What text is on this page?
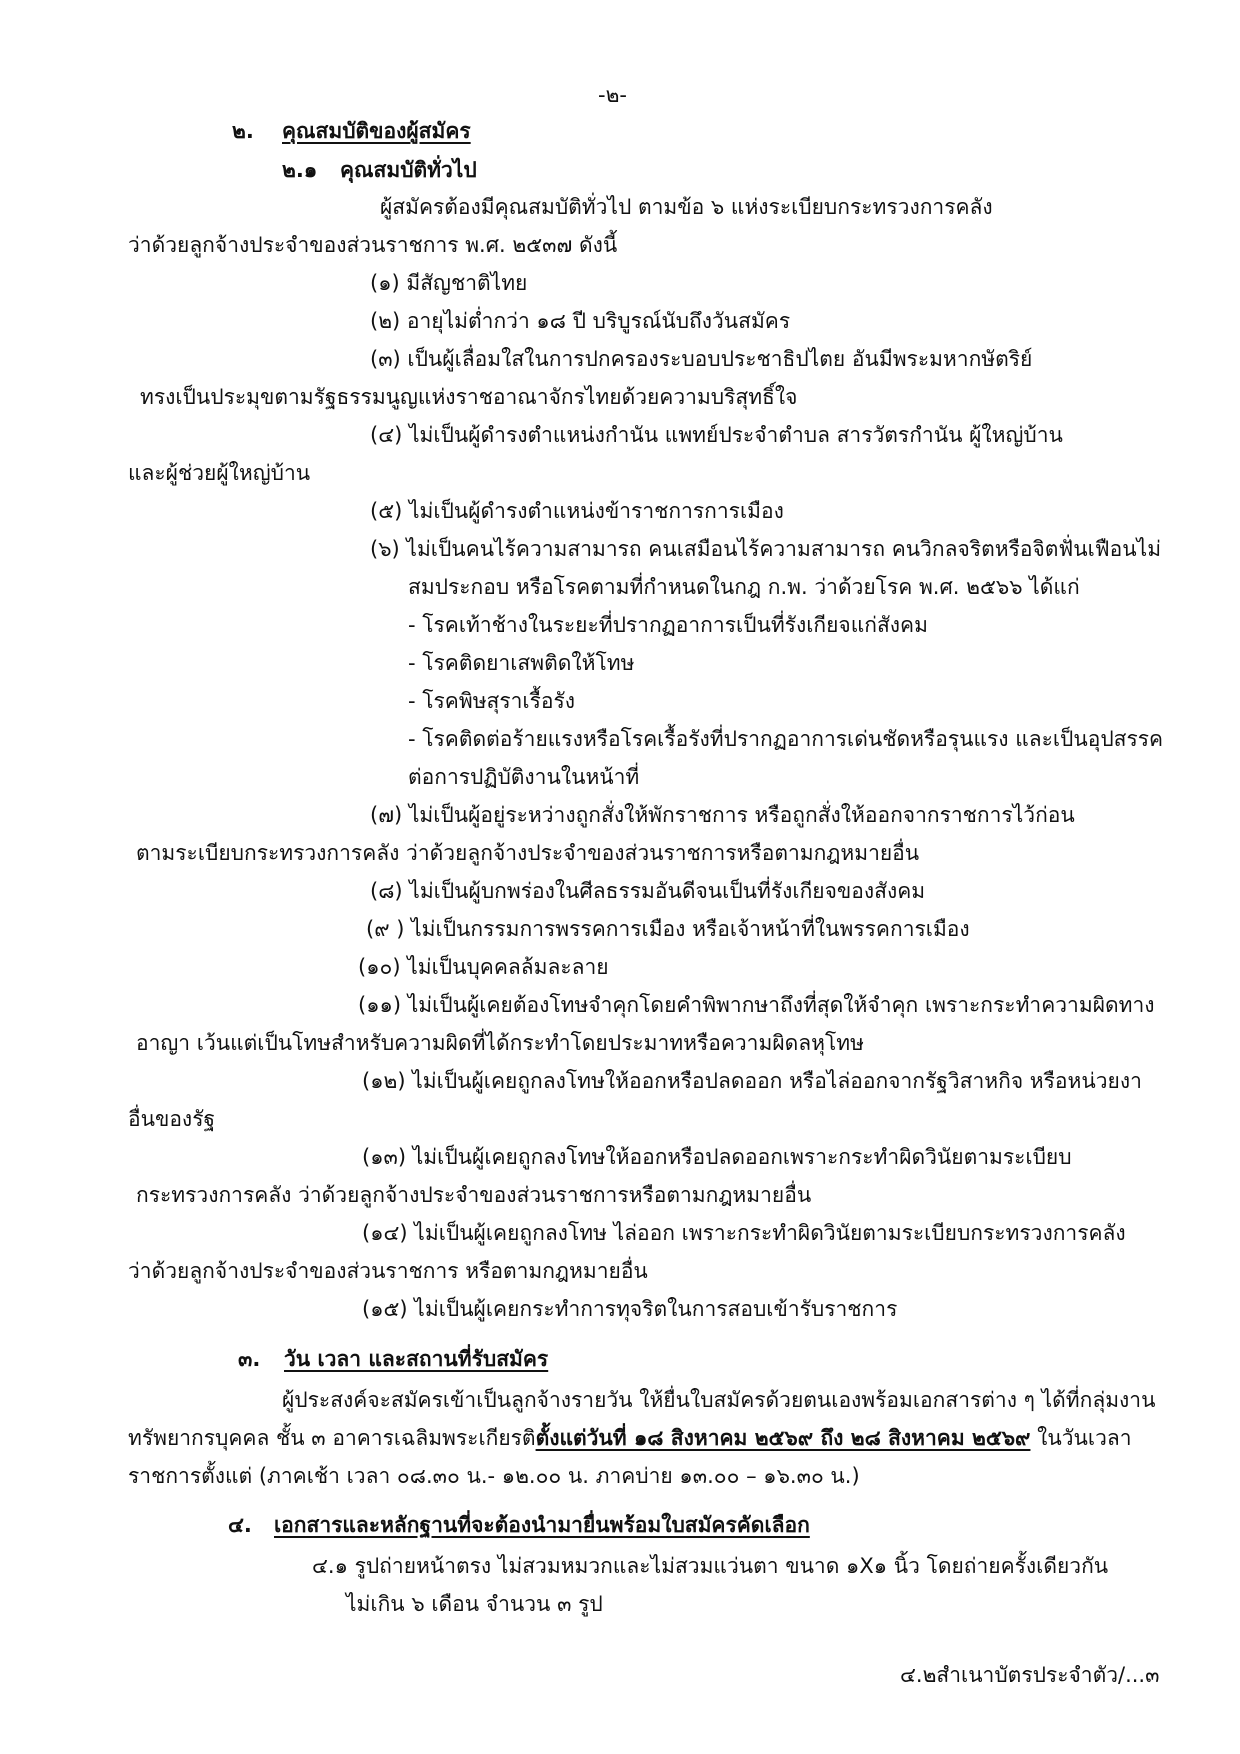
-๒-
๒. คุณสมบัติของผู้สมัคร
๒.๑ คุณสมบัติทั่วไป
ผู้สมัครต้องมีคุณสมบัติทั่วไป ตามข้อ ๖ แห่งระเบียบกระทรวงการคลัง
ว่าด้วยลูกจ้างประจำของส่วนราชการ พ.ศ. ๒๕๓๗ ดังนี้
(๑) มีสัญชาติไทย
(๒) อายุไม่ต่ำกว่า ๑๘ ปี บริบูรณ์นับถึงวันสมัคร
(๓) เป็นผู้เลื่อมใสในการปกครองระบอบประชาธิปไตย อันมีพระมหากษัตริย์
ทรงเป็นประมุขตามรัฐธรรมนูญแห่งราชอาณาจักรไทยด้วยความบริสุทธิ์ใจ
(๔) ไม่เป็นผู้ดำรงตำแหน่งกำนัน แพทย์ประจำตำบล สารวัตรกำนัน ผู้ใหญ่บ้าน
และผู้ช่วยผู้ใหญ่บ้าน
(๕) ไม่เป็นผู้ดำรงตำแหน่งข้าราชการการเมือง
(๖) ไม่เป็นคนไร้ความสามารถ คนเสมือนไร้ความสามารถ คนวิกลจริตหรือจิตฟั่นเฟือนไม่
สมประกอบ หรือโรคตามที่กำหนดในกฎ ก.พ. ว่าด้วยโรค พ.ศ. ๒๕๖๖ ได้แก่
- โรคเท้าช้างในระยะที่ปรากฏอาการเป็นที่รังเกียจแก่สังคม
- โรคติดยาเสพติดให้โทษ
- โรคพิษสุราเรื้อรัง
- โรคติดต่อร้ายแรงหรือโรคเรื้อรังที่ปรากฏอาการเด่นชัดหรือรุนแรง และเป็นอุปสรรค
ต่อการปฏิบัติงานในหน้าที่
(๗) ไม่เป็นผู้อยู่ระหว่างถูกสั่งให้พักราชการ หรือถูกสั่งให้ออกจากราชการไว้ก่อน
ตามระเบียบกระทรวงการคลัง ว่าด้วยลูกจ้างประจำของส่วนราชการหรือตามกฎหมายอื่น
(๘) ไม่เป็นผู้บกพร่องในศีลธรรมอันดีจนเป็นที่รังเกียจของสังคม
(๙ ) ไม่เป็นกรรมการพรรคการเมือง หรือเจ้าหน้าที่ในพรรคการเมือง
(๑๐) ไม่เป็นบุคคลล้มละลาย
(๑๑) ไม่เป็นผู้เคยต้องโทษจำคุกโดยคำพิพากษาถึงที่สุดให้จำคุก เพราะกระทำความผิดทาง
อาญา เว้นแต่เป็นโทษสำหรับความผิดที่ได้กระทำโดยประมาทหรือความผิดลหุโทษ
(๑๒) ไม่เป็นผู้เคยถูกลงโทษให้ออกหรือปลดออก หรือไล่ออกจากรัฐวิสาหกิจ หรือหน่วยงา
อื่นของรัฐ
(๑๓) ไม่เป็นผู้เคยถูกลงโทษให้ออกหรือปลดออกเพราะกระทำผิดวินัยตามระเบียบ
กระทรวงการคลัง ว่าด้วยลูกจ้างประจำของส่วนราชการหรือตามกฎหมายอื่น
(๑๔) ไม่เป็นผู้เคยถูกลงโทษ ไล่ออก เพราะกระทำผิดวินัยตามระเบียบกระทรวงการคลัง
ว่าด้วยลูกจ้างประจำของส่วนราชการ หรือตามกฎหมายอื่น
(๑๕) ไม่เป็นผู้เคยกระทำการทุจริตในการสอบเข้ารับราชการ
๓. วัน เวลา และสถานที่รับสมัคร
ผู้ประสงค์จะสมัครเข้าเป็นลูกจ้างรายวัน ให้ยื่นใบสมัครด้วยตนเองพร้อมเอกสารต่าง ๆ ได้ที่กลุ่มงาน
ทรัพยากรบุคคล ชั้น ๓ อาคารเฉลิมพระเกียรติตั้งแต่วันที่ ๑๘ สิงหาคม ๒๕๖๙ ถึง ๒๘ สิงหาคม ๒๕๖๙ ในวันเวลา
ราชการตั้งแต่ (ภาคเช้า เวลา ๐๘.๓๐ น.- ๑๒.๐๐ น. ภาคบ่าย ๑๓.๐๐ – ๑๖.๓๐ น.)
๔. เอกสารและหลักฐานที่จะต้องนำมายื่นพร้อมใบสมัครคัดเลือก
๔.๑ รูปถ่ายหน้าตรง ไม่สวมหมวกและไม่สวมแว่นตา ขนาด ๑X๑ นิ้ว โดยถ่ายครั้งเดียวกัน
ไม่เกิน ๖ เดือน จำนวน ๓ รูป
๔.๒สำเนาบัตรประจำตัว/...๓
